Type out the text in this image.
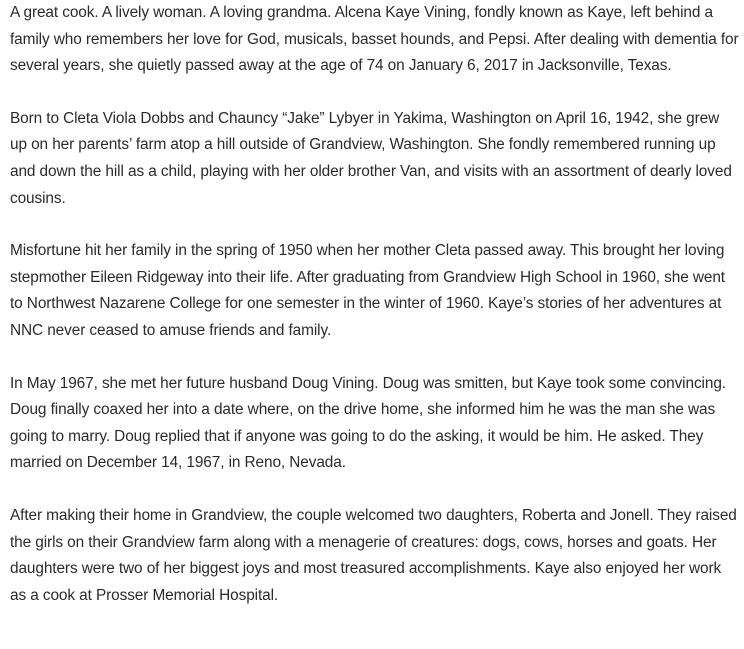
A great cook. A lively woman. A loving grandma. Alcena Kaye Vining, fondly known as Kaye, left behind a family who remembers her love for God, musicals, basset hounds, and Pepsi. After dealing with dementia for several years, she quietly passed away at the age of 74 on January 6, 2017 in Jacksonville, Texas.

Born to Cleta Viola Dobbs and Chauncy “Jake” Lybyer in Yakima, Washington on April 16, 1942, she grew up on her parents’ farm atop a hill outside of Grandview, Washington. She fondly remembered running up and down the hill as a child, playing with her older brother Van, and visits with an assortment of dearly loved cousins.

Misfortune hit her family in the spring of 1950 when her mother Cleta passed away. This brought her loving stepmother Eileen Ridgeway into their life. After graduating from Grandview High School in 1960, she went to Northwest Nazarene College for one semester in the winter of 1960. Kaye’s stories of her adventures at NNC never ceased to amuse friends and family.

In May 1967, she met her future husband Doug Vining. Doug was smitten, but Kaye took some convincing. Doug finally coaxed her into a date where, on the drive home, she informed him he was the man she was going to marry. Doug replied that if anyone was going to do the asking, it would be him. He asked. They married on December 14, 1967, in Reno, Nevada.

After making their home in Grandview, the couple welcomed two daughters, Roberta and Jonell. They raised the girls on their Grandview farm along with a menagerie of creatures: dogs, cows, horses and goats. Her daughters were two of her biggest joys and most treasured accomplishments. Kaye also enjoyed her work as a cook at Prosser Memorial Hospital.
